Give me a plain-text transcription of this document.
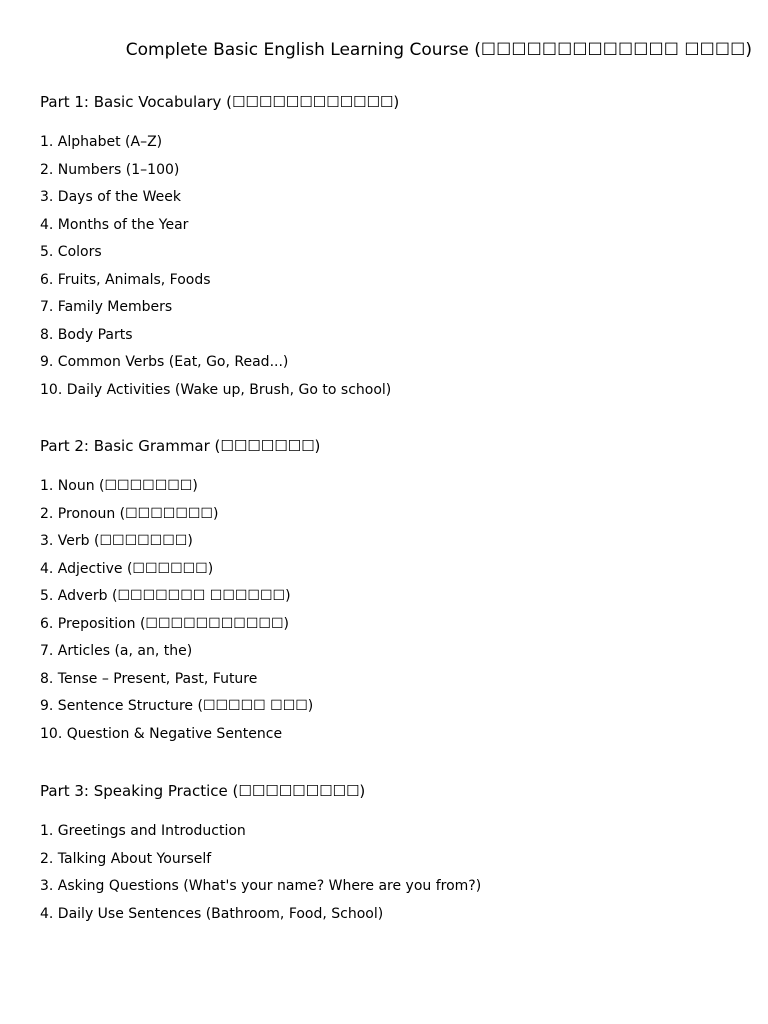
Complete Basic English Learning Course (☐☐☐☐☐☐☐☐☐☐☐☐☐ ☐☐☐☐)
Part 1: Basic Vocabulary (☐☐☐☐☐☐☐☐☐☐☐☐)
1. Alphabet (A–Z)
2. Numbers (1–100)
3. Days of the Week
4. Months of the Year
5. Colors
6. Fruits, Animals, Foods
7. Family Members
8. Body Parts
9. Common Verbs (Eat, Go, Read...)
10. Daily Activities (Wake up, Brush, Go to school)
Part 2: Basic Grammar (☐☐☐☐☐☐☐)
1. Noun (☐☐☐☐☐☐☐)
2. Pronoun (☐☐☐☐☐☐☐)
3. Verb (☐☐☐☐☐☐☐)
4. Adjective (☐☐☐☐☐☐)
5. Adverb (☐☐☐☐☐☐☐ ☐☐☐☐☐☐)
6. Preposition (☐☐☐☐☐☐☐☐☐☐☐)
7. Articles (a, an, the)
8. Tense – Present, Past, Future
9. Sentence Structure (☐☐☐☐☐ ☐☐☐)
10. Question & Negative Sentence
Part 3: Speaking Practice (☐☐☐☐☐☐☐☐☐)
1. Greetings and Introduction
2. Talking About Yourself
3. Asking Questions (What's your name? Where are you from?)
4. Daily Use Sentences (Bathroom, Food, School)
